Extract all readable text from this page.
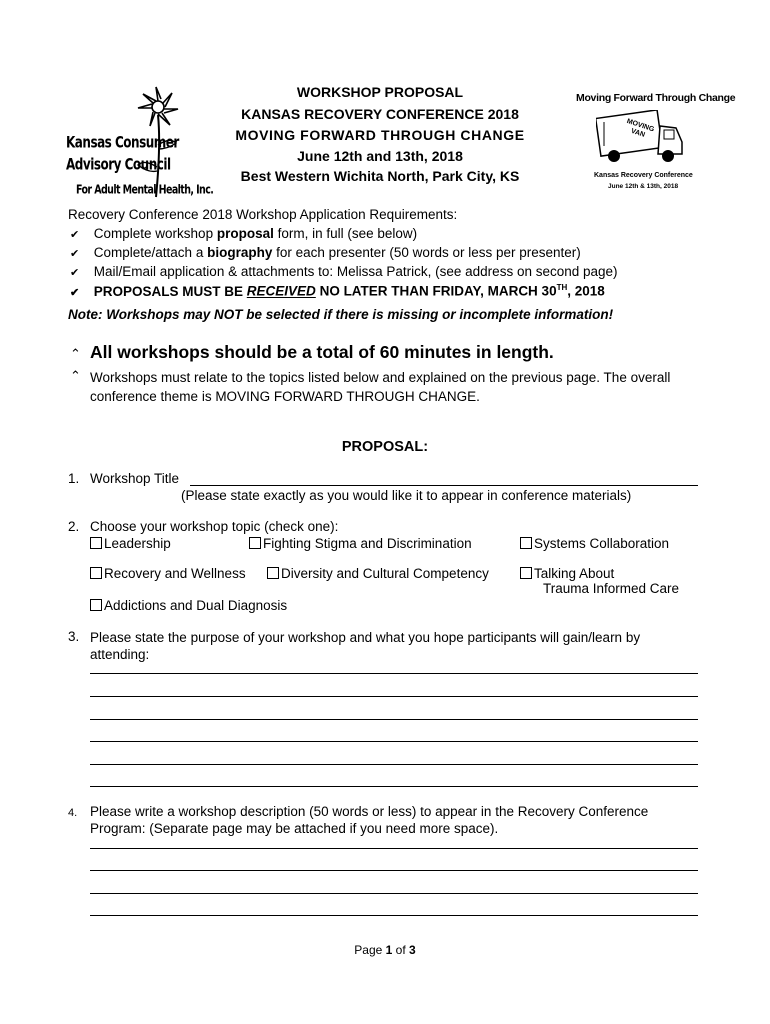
Kansas Consumer
Advisory Council
For Adult Mental Health, Inc.
WORKSHOP PROPOSAL
KANSAS RECOVERY CONFERENCE 2018
MOVING FORWARD THROUGH CHANGE
June 12th and 13th, 2018
Best Western Wichita North, Park City, KS
Moving Forward Through Change
MOVING VAN
Kansas Recovery Conference
June 12th & 13th, 2018
Recovery Conference 2018 Workshop Application Requirements:
✔ Complete workshop proposal form, in full (see below)
✔ Complete/attach a biography for each presenter (50 words or less per presenter)
✔ Mail/Email application & attachments to: Melissa Patrick, (see address on second page)
✔ PROPOSALS MUST BE RECEIVED NO LATER THAN FRIDAY, MARCH 30TH, 2018
Note: Workshops may NOT be selected if there is missing or incomplete information!
⌃ All workshops should be a total of 60 minutes in length.
⌃ Workshops must relate to the topics listed below and explained on the previous page. The overall conference theme is MOVING FORWARD THROUGH CHANGE.
PROPOSAL:
1. Workshop Title
(Please state exactly as you would like it to appear in conference materials)
2. Choose your workshop topic (check one):
Leadership	Fighting Stigma and Discrimination	Systems Collaboration
Recovery and Wellness	Diversity and Cultural Competency	Talking About
Trauma Informed Care
Addictions and Dual Diagnosis
3. Please state the purpose of your workshop and what you hope participants will gain/learn by attending:
4. Please write a workshop description (50 words or less) to appear in the Recovery Conference Program: (Separate page may be attached if you need more space).
Page 1 of 3
